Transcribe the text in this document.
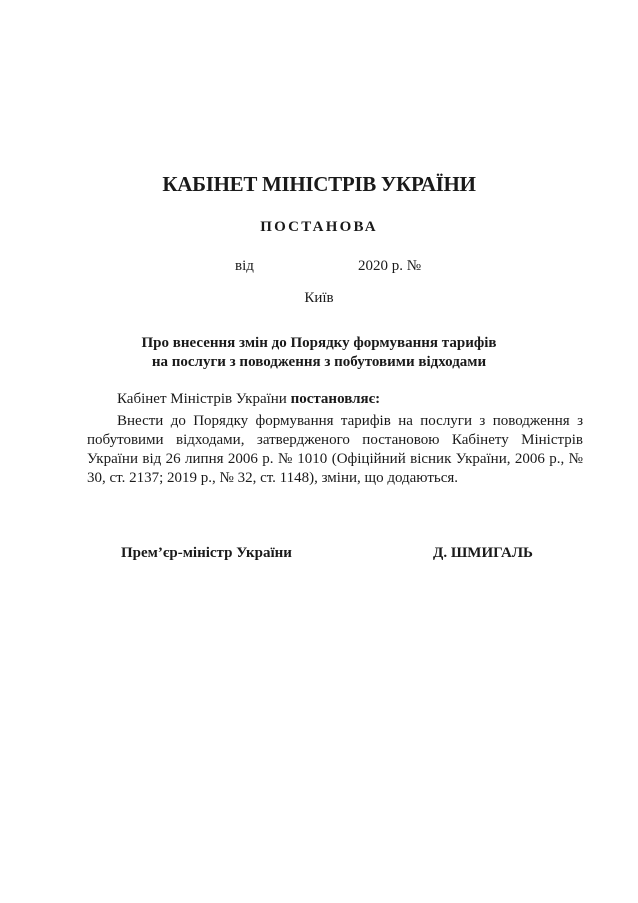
КАБІНЕТ МІНІСТРІВ УКРАЇНИ
ПОСТАНОВА
від	2020 р. №
Київ
Про внесення змін до Порядку формування тарифів
на послуги з поводження з побутовими відходами
Кабінет Міністрів України постановляє:

Внести до Порядку формування тарифів на послуги з поводження з побутовими відходами, затвердженого постановою Кабінету Міністрів України від 26 липня 2006 р. № 1010 (Офіційний вісник України, 2006 р., № 30, ст. 2137; 2019 р., № 32, ст. 1148), зміни, що додаються.

Прем’єр-міністр України	Д. ШМИГАЛЬ
